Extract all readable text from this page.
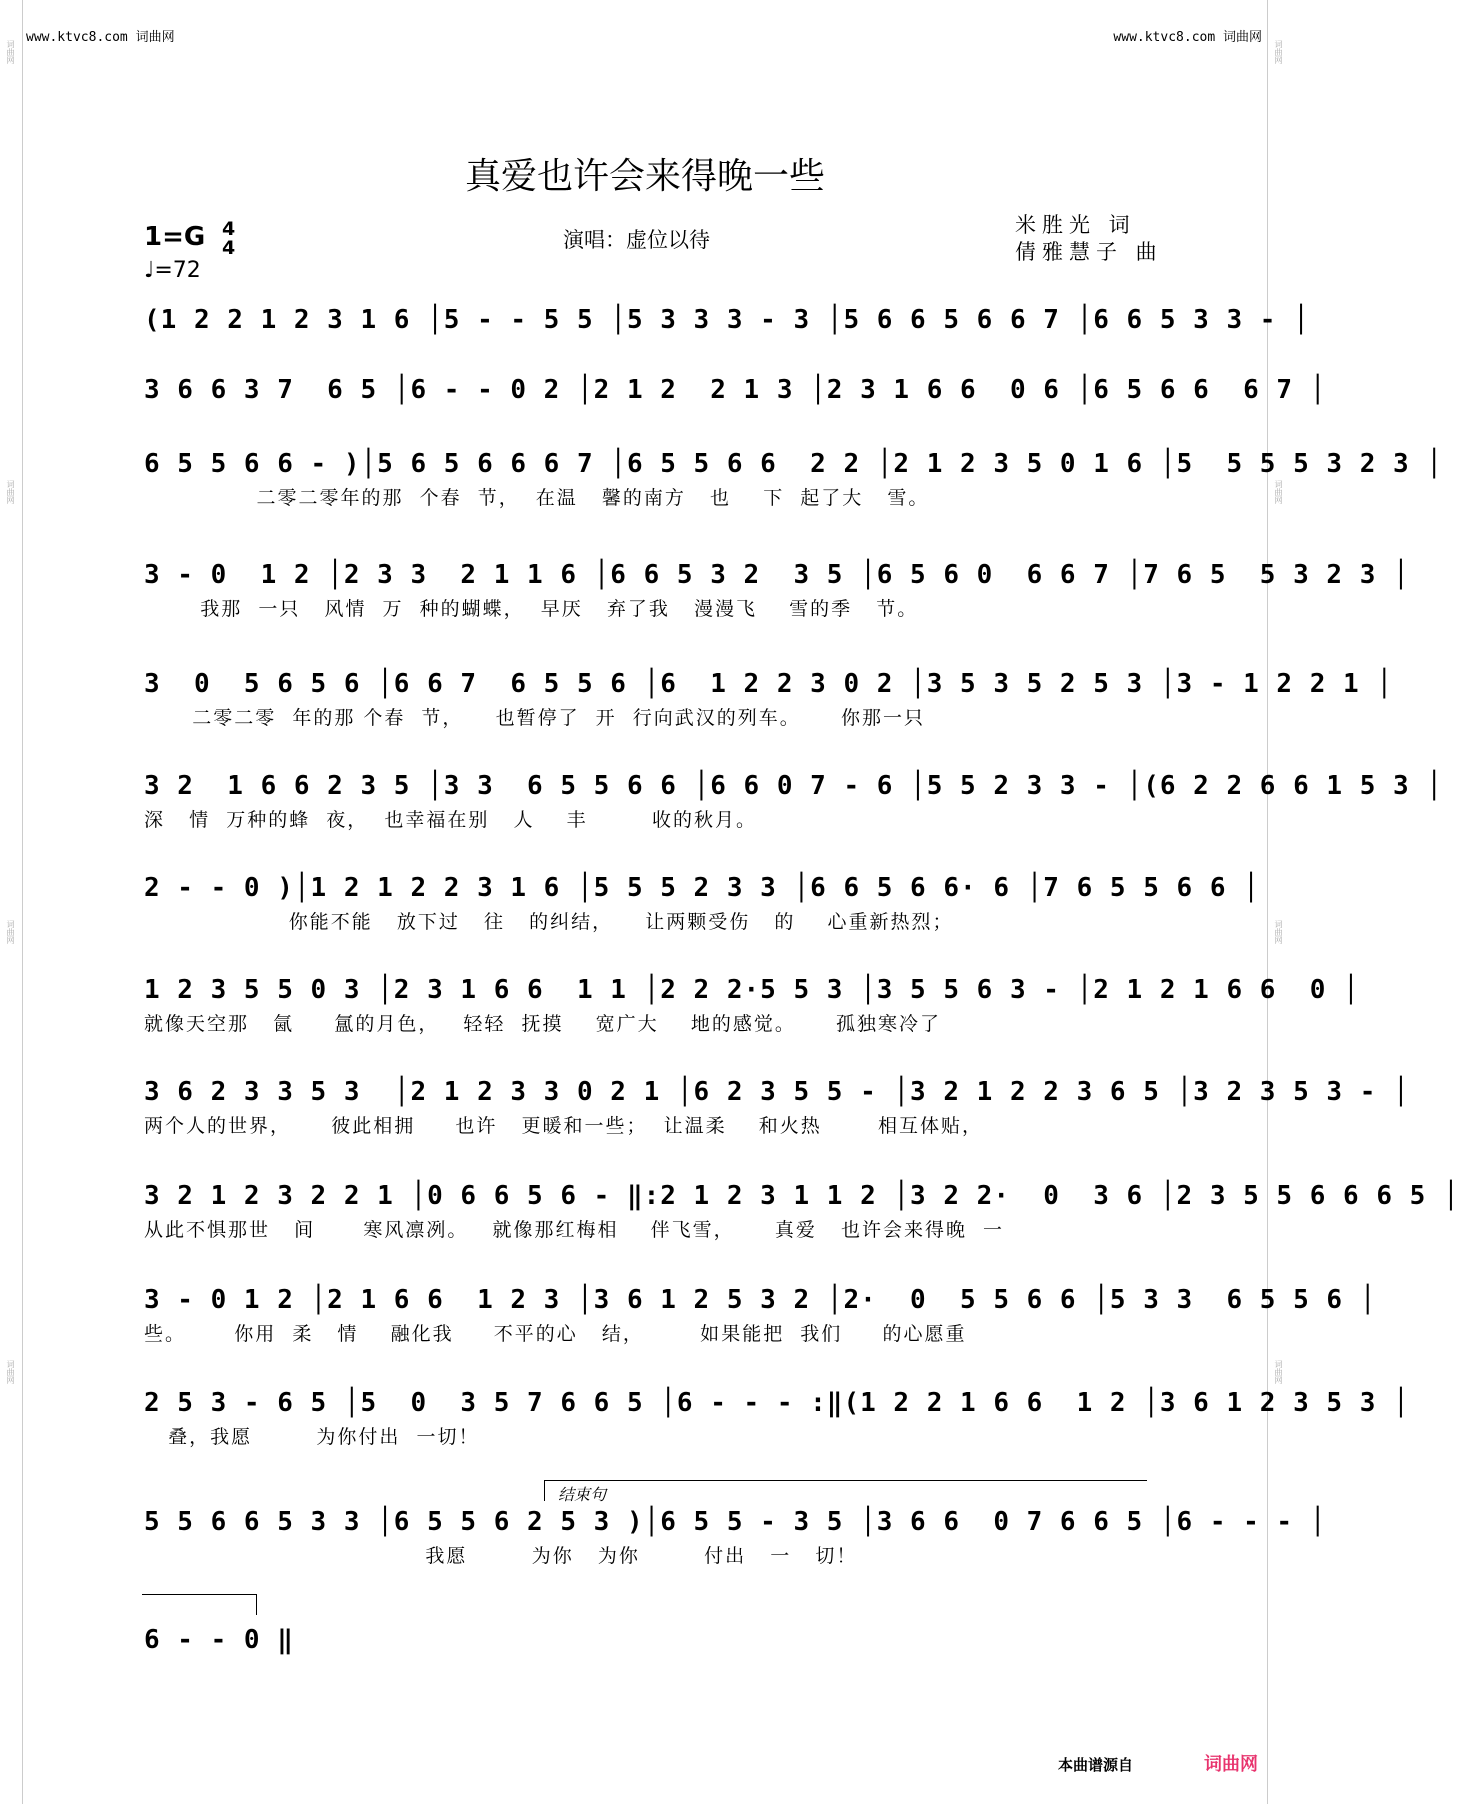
词曲网
词曲网
词曲网
词曲网
词曲网
词曲网
词曲网
词曲网
www.ktvc8.com 词曲网	www.ktvc8.com 词曲网
真爱也许会来得晚一些
1=G 4
4
♩=72
演唱：虚位以待
米胜光 词
倩雅慧子 曲
(1 2 2 1 2 3 1 6 │5 - - 5 5 │5 3 3 3 - 3 │5 6 6 5 6 6 7 │6 6 5 3 3 - │
3 6 6 3 7  6 5 │6 - - 0 2 │2 1 2  2 1 3 │2 3 1 6 6  0 6 │6 5 6 6  6 7 │
6 5 5 6 6 - )│5 6 5 6 6 6 7 │6 5 5 6 6  2 2 │2 1 2 3 5 0 1 6 │5  5 5 5 3 2 3 │
二零二零年的那  个春  节，  在温   馨的南方   也    下  起了大   雪。
3 - 0  1 2 │2 3 3  2 1 1 6 │6 6 5 3 2  3 5 │6 5 6 0  6 6 7 │7 6 5  5 3 2 3 │
我那  一只   风情  万  种的蝴蝶，  早厌   弃了我   漫漫飞    雪的季   节。
3  0  5 6 5 6 │6 6 7  6 5 5 6 │6  1 2 2 3 0 2 │3 5 3 5 2 5 3 │3 - 1 2 2 1 │
二零二零  年的那 个春  节，    也暂停了  开  行向武汉的列车。     你那一只
3 2  1 6 6 2 3 5 │3 3  6 5 5 6 6 │6 6 0 7 - 6 │5 5 2 3 3 - │(6 2 2 6 6 1 5 3 │
深   情  万种的蜂  夜，  也幸福在别   人    丰        收的秋月。
2 - - 0 )│1 2 1 2 2 3 1 6 │5 5 5 2 3 3 │6 6 5 6 6· 6 │7 6 5 5 6 6 │
你能不能   放下过   往   的纠结，    让两颗受伤   的    心重新热烈；
1 2 3 5 5 0 3 │2 3 1 6 6  1 1 │2 2 2·5 5 3 │3 5 5 6 3 - │2 1 2 1 6 6  0 │
就像天空那   氤     氲的月色，   轻轻  抚摸    宽广大    地的感觉。     孤独寒冷了
3 6 2 3 3 5 3  │2 1 2 3 3 0 2 1 │6 2 3 5 5 - │3 2 1 2 2 3 6 5 │3 2 3 5 3 - │
两个人的世界，     彼此相拥     也许   更暖和一些；  让温柔    和火热       相互体贴，
3 2 1 2 3 2 2 1 │0 6 6 5 6 - ‖:2 1 2 3 1 1 2 │3 2 2·  0  3 6 │2 3 5 5 6 6 6 5 │
从此不惧那世   间      寒风凛冽。   就像那红梅相    伴飞雪，     真爱   也许会来得晚  一
3 - 0 1 2 │2 1 6 6  1 2 3 │3 6 1 2 5 3 2 │2·  0  5 5 6 6 │5 3 3  6 5 5 6 │
些。      你用  柔   情    融化我     不平的心   结，       如果能把  我们     的心愿重
2 5 3 - 6 5 │5  0  3 5 7 6 6 5 │6 - - - :‖(1 2 2 1 6 6  1 2 │3 6 1 2 3 5 3 │
叠，我愿        为你付出  一切！
结束句
5 5 6 6 5 3 3 │6 5 5 6 2 5 3 )│6 5 5 - 3 5 │3 6 6  0 7 6 6 5 │6 - - - │
我愿        为你   为你        付出   一   切！
6 - - 0 ‖
本曲谱源自	词曲网
